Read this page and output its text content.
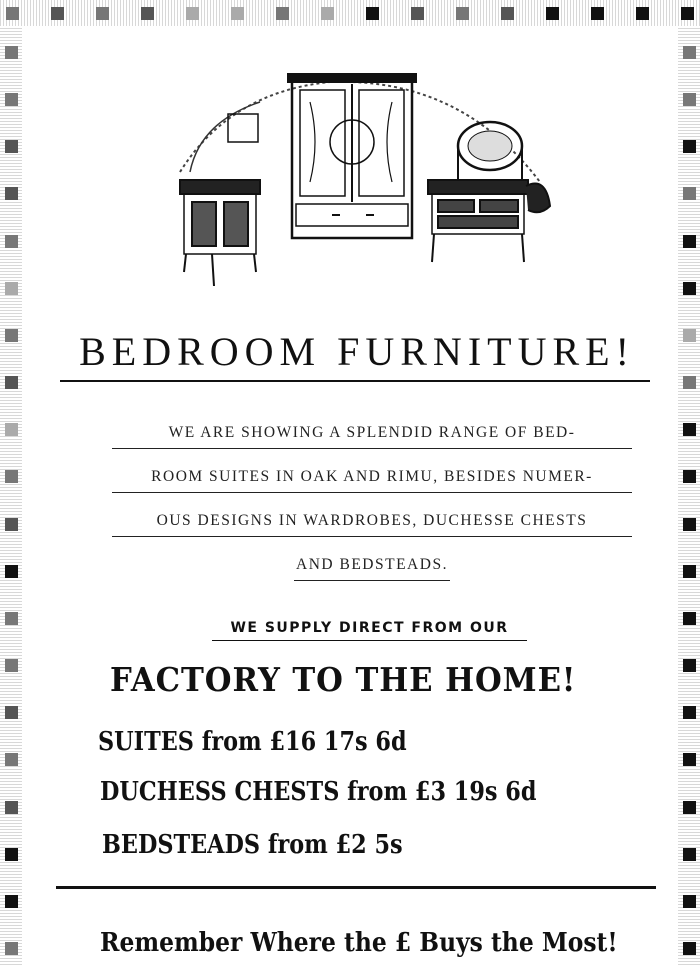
BEDROOM FURNITURE!
WE ARE SHOWING A SPLENDID RANGE OF BED-
ROOM SUITES IN OAK AND RIMU, BESIDES NUMER-
OUS DESIGNS IN WARDROBES, DUCHESSE CHESTS
AND BEDSTEADS.
WE SUPPLY DIRECT FROM OUR
FACTORY TO THE HOME!
SUITES from £16 17s 6d
DUCHESS CHESTS from £3 19s 6d
BEDSTEADS from £2 5s
Remember Where the £ Buys the Most!
